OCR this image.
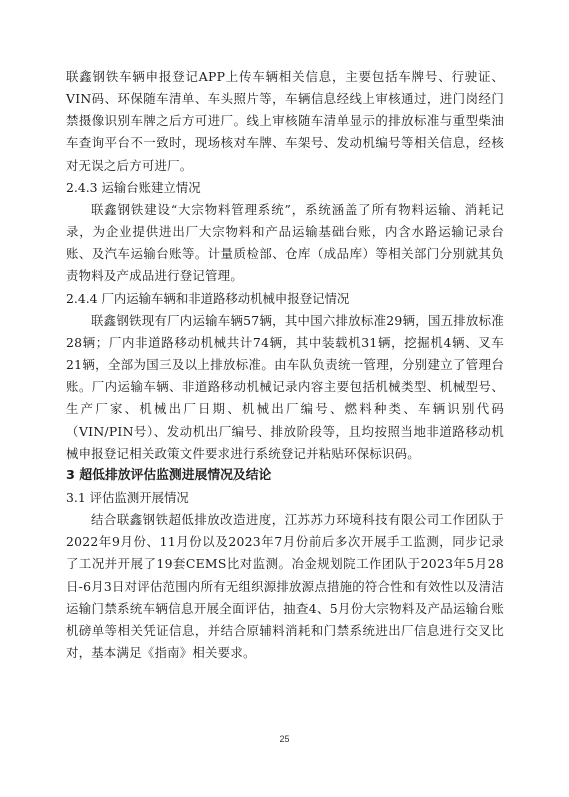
联鑫钢铁车辆申报登记APP上传车辆相关信息，主要包括车牌号、行驶证、VIN码、环保随车清单、车头照片等，车辆信息经线上审核通过，进门岗经门禁摄像识别车牌之后方可进厂。线上审核随车清单显示的排放标准与重型柴油车查询平台不一致时，现场核对车牌、车架号、发动机编号等相关信息，经核对无误之后方可进厂。

2.4.3 运输台账建立情况

联鑫钢铁建设“大宗物料管理系统”，系统涵盖了所有物料运输、消耗记录，为企业提供进出厂大宗物料和产品运输基础台账，内含水路运输记录台账、及汽车运输台账等。计量质检部、仓库（成品库）等相关部门分别就其负责物料及产成品进行登记管理。

2.4.4 厂内运输车辆和非道路移动机械申报登记情况

联鑫钢铁现有厂内运输车辆57辆，其中国六排放标准29辆，国五排放标准28辆；厂内非道路移动机械共计74辆，其中装载机31辆，挖掘机4辆、叉车21辆，全部为国三及以上排放标准。由车队负责统一管理，分别建立了管理台账。厂内运输车辆、非道路移动机械记录内容主要包括机械类型、机械型号、生产厂家、机械出厂日期、机械出厂编号、燃料种类、车辆识别代码（VIN/PIN号）、发动机出厂编号、排放阶段等，且均按照当地非道路移动机械申报登记相关政策文件要求进行系统登记并粘贴环保标识码。

3 超低排放评估监测进展情况及结论
3.1 评估监测开展情况

结合联鑫钢铁超低排放改造进度，江苏苏力环境科技有限公司工作团队于2022年9月份、11月份以及2023年7月份前后多次开展手工监测，同步记录了工况并开展了19套CEMS比对监测。冶金规划院工作团队于2023年5月28日-6月3日对评估范围内所有无组织源排放源点措施的符合性和有效性以及清洁运输门禁系统车辆信息开展全面评估，抽查4、5月份大宗物料及产品运输台账机磅单等相关凭证信息，并结合原辅料消耗和门禁系统进出厂信息进行交叉比对，基本满足《指南》相关要求。

25
